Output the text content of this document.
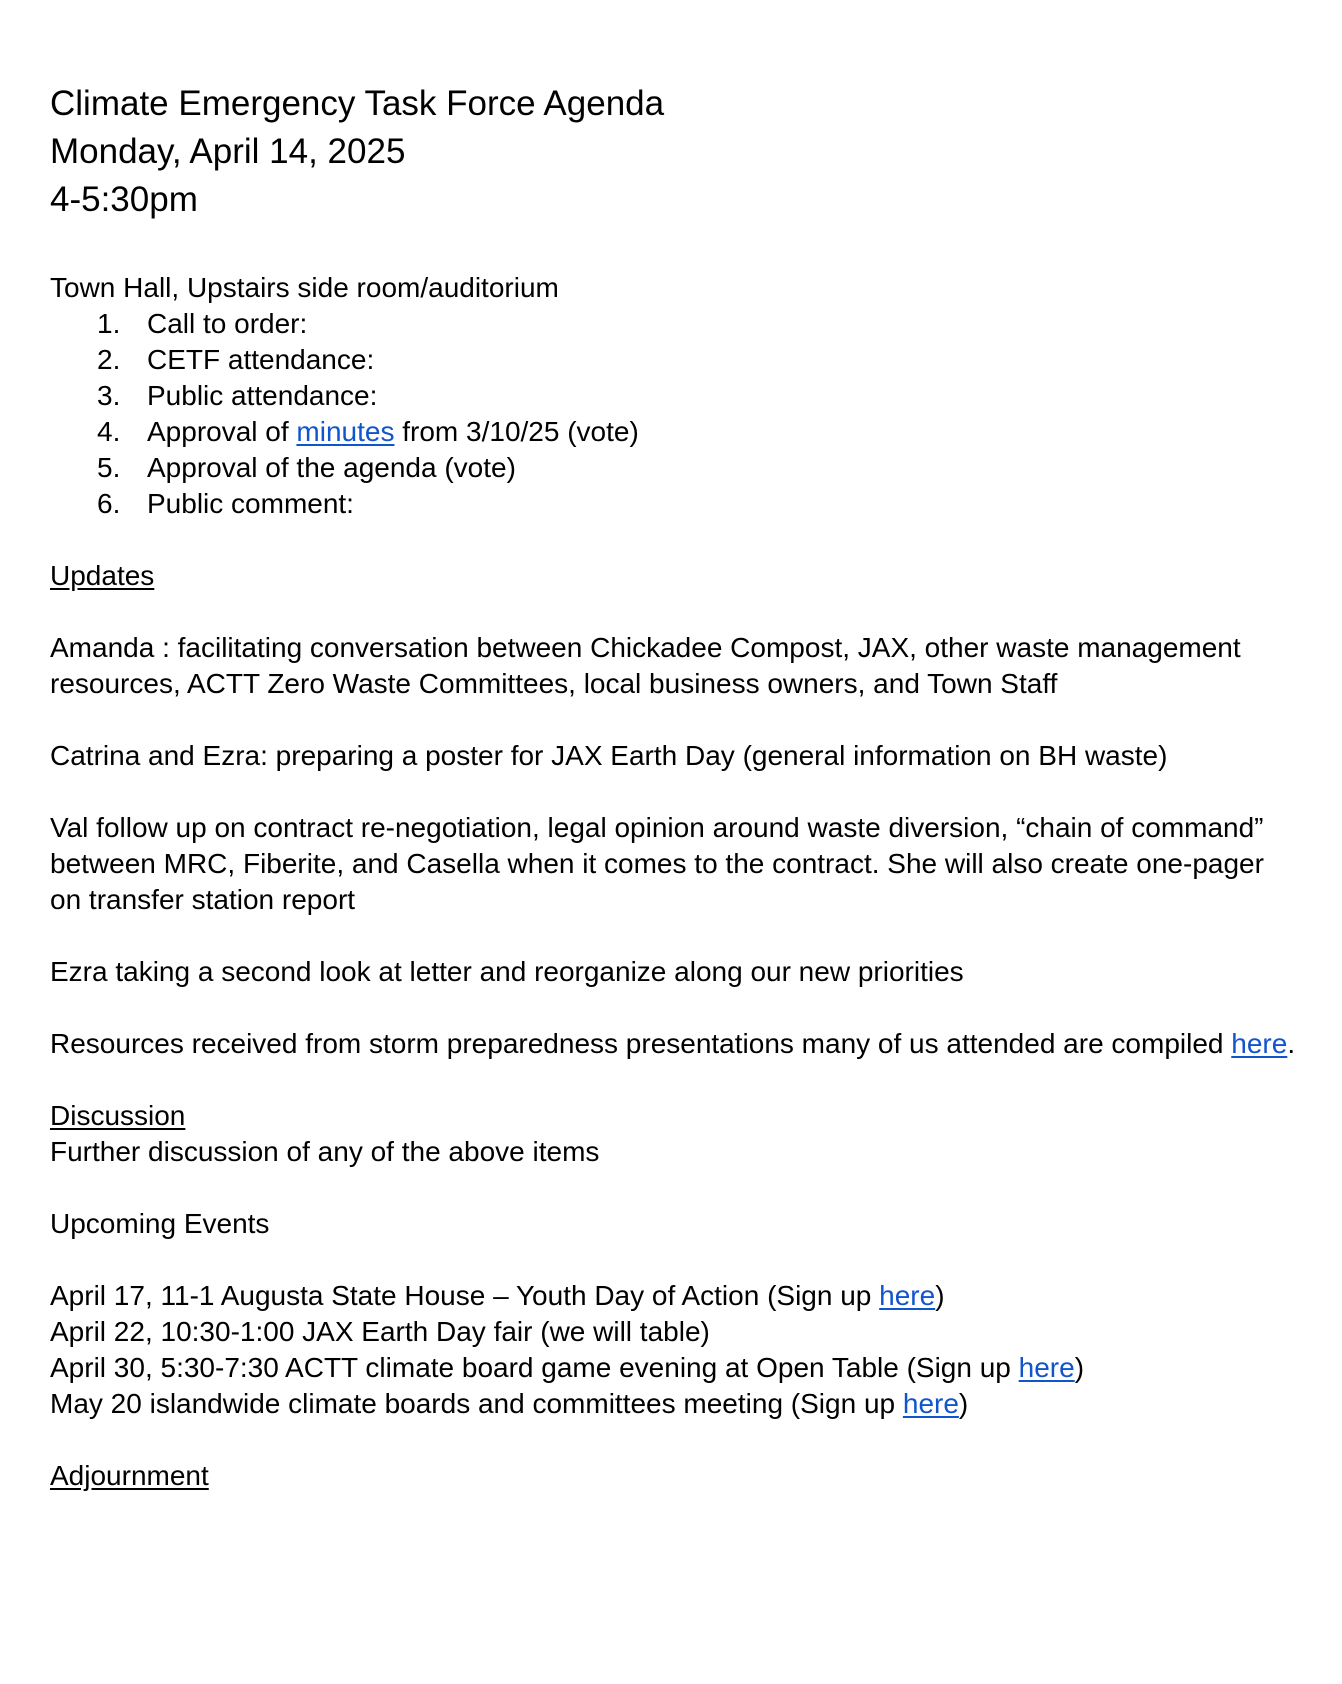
Climate Emergency Task Force Agenda
Monday, April 14, 2025
4-5:30pm
Town Hall, Upstairs side room/auditorium
1. Call to order:
2. CETF attendance:
3. Public attendance:
4. Approval of minutes from 3/10/25 (vote)
5. Approval of the agenda (vote)
6. Public comment:
Updates

Amanda : facilitating conversation between Chickadee Compost, JAX, other waste management resources, ACTT Zero Waste Committees, local business owners, and Town Staff

Catrina and Ezra: preparing a poster for JAX Earth Day (general information on BH waste)

Val follow up on contract re-negotiation, legal opinion around waste diversion, “chain of command” between MRC, Fiberite, and Casella when it comes to the contract. She will also create one-pager on transfer station report

Ezra taking a second look at letter and reorganize along our new priorities

Resources received from storm preparedness presentations many of us attended are compiled here.

Discussion
Further discussion of any of the above items
Upcoming Events
April 17, 11-1 Augusta State House – Youth Day of Action (Sign up here)
April 22, 10:30-1:00 JAX Earth Day fair (we will table)
April 30, 5:30-7:30 ACTT climate board game evening at Open Table (Sign up here)
May 20 islandwide climate boards and committees meeting (Sign up here)
Adjournment
